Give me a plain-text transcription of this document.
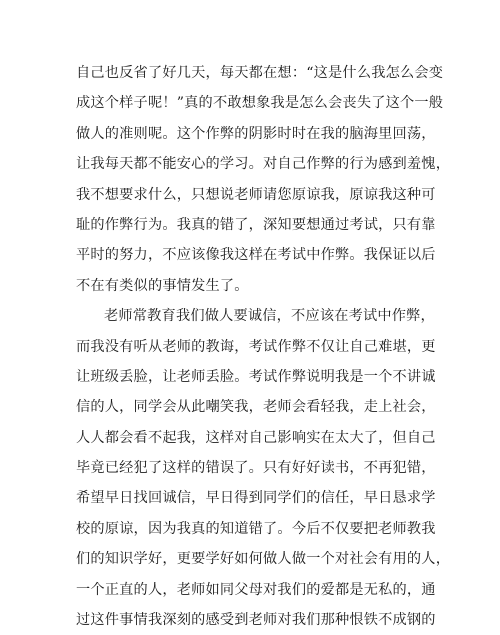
自己也反省了好几天，每天都在想：“这是什么我怎么会变
成这个样子呢！”真的不敢想象我是怎么会丧失了这个一般
做人的准则呢。这个作弊的阴影时时在我的脑海里回荡，
让我每天都不能安心的学习。对自己作弊的行为感到羞愧，
我不想要求什么，只想说老师请您原谅我，原谅我这种可
耻的作弊行为。我真的错了，深知要想通过考试，只有靠
平时的努力，不应该像我这样在考试中作弊。我保证以后
不在有类似的事情发生了。
老师常教育我们做人要诚信，不应该在考试中作弊，
而我没有听从老师的教诲，考试作弊不仅让自己难堪，更
让班级丢脸，让老师丢脸。考试作弊说明我是一个不讲诚
信的人，同学会从此嘲笑我，老师会看轻我，走上社会，
人人都会看不起我，这样对自己影响实在太大了，但自己
毕竟已经犯了这样的错误了。只有好好读书，不再犯错，
希望早日找回诚信，早日得到同学们的信任，早日恳求学
校的原谅，因为我真的知道错了。今后不仅要把老师教我
们的知识学好，更要学好如何做人做一个对社会有用的人，
一个正直的人，老师如同父母对我们的爱都是无私的，通
过这件事情我深刻的感受到老师对我们那种恨铁不成钢的
